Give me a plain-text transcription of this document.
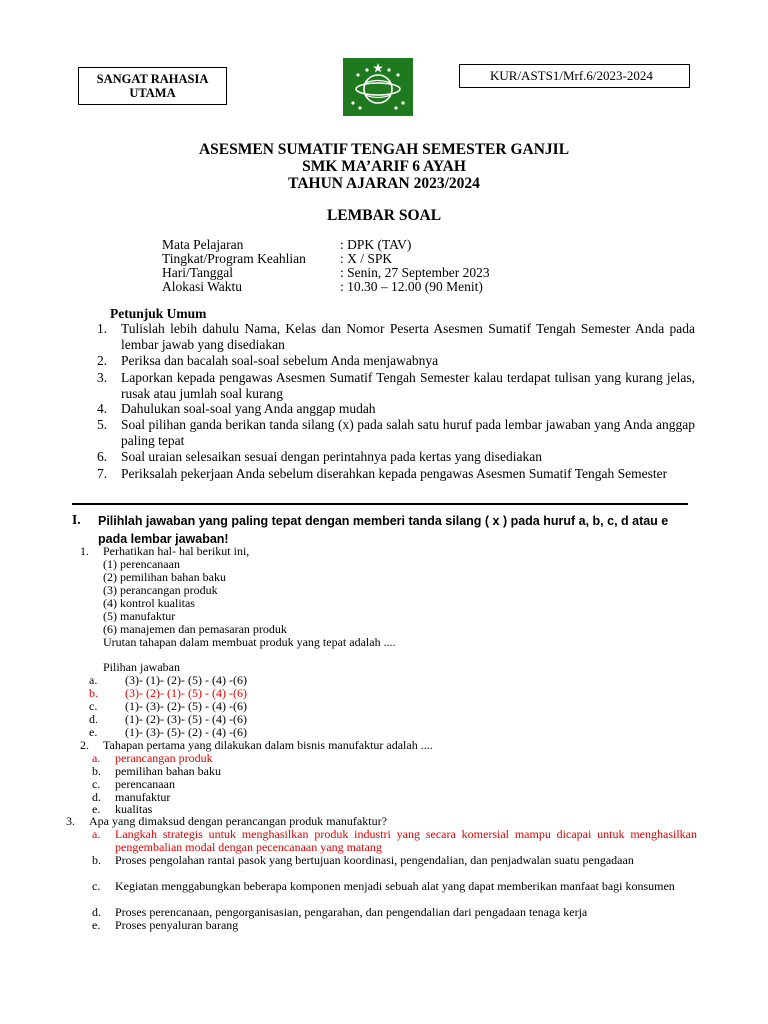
SANGAT RAHASIA UTAMA
KUR/ASTS1/Mrf.6/2023-2024
ASESMEN SUMATIF TENGAH SEMESTER GANJIL
SMK MA’ARIF 6 AYAH
TAHUN AJARAN 2023/2024
LEMBAR SOAL
Mata Pelajaran	: DPK (TAV)
Tingkat/Program Keahlian	: X / SPK
Hari/Tanggal	: Senin, 27 September 2023
Alokasi Waktu	: 10.30 – 12.00 (90 Menit)
Petunjuk Umum
1. Tulislah lebih dahulu Nama, Kelas dan Nomor Peserta Asesmen Sumatif Tengah Semester Anda pada lembar jawab yang disediakan
2. Periksa dan bacalah soal-soal sebelum Anda menjawabnya
3. Laporkan kepada pengawas Asesmen Sumatif Tengah Semester kalau terdapat tulisan yang kurang jelas, rusak atau jumlah soal kurang
4. Dahulukan soal-soal yang Anda anggap mudah
5. Soal pilihan ganda berikan tanda silang (x) pada salah satu huruf pada lembar jawaban yang Anda anggap paling tepat
6. Soal uraian selesaikan sesuai dengan perintahnya pada kertas yang disediakan
7. Periksalah pekerjaan Anda sebelum diserahkan kepada pengawas Asesmen Sumatif Tengah Semester
I. Pilihlah jawaban yang paling tepat dengan memberi tanda silang ( x ) pada huruf a, b, c, d atau e pada lembar jawaban!
1. Perhatikan hal- hal berikut ini,
(1) perencanaan
(2) pemilihan bahan baku
(3) perancangan produk
(4) kontrol kualitas
(5) manufaktur
(6) manajemen dan pemasaran produk
Urutan tahapan dalam membuat produk yang tepat adalah ....
Pilihan jawaban
a. (3)- (1)- (2)- (5) - (4) -(6)
b. (3)- (2)- (1)- (5) - (4) -(6)
c. (1)- (3)- (2)- (5) - (4) -(6)
d. (1)- (2)- (3)- (5) - (4) -(6)
e. (1)- (3)- (5)- (2) - (4) -(6)
2. Tahapan pertama yang dilakukan dalam bisnis manufaktur adalah ....
a. perancangan produk
b. pemilihan bahan baku
c. perencanaan
d. manufaktur
e. kualitas
3. Apa yang dimaksud dengan perancangan produk manufaktur?
a. Langkah strategis untuk menghasilkan produk industri yang secara komersial mampu dicapai untuk menghasilkan pengembalian modal dengan pecencanaan yang matang
b. Proses pengolahan rantai pasok yang bertujuan koordinasi, pengendalian, dan penjadwalan suatu pengadaan
c. Kegiatan menggabungkan beberapa komponen menjadi sebuah alat yang dapat memberikan manfaat bagi konsumen
d. Proses perencanaan, pengorganisasian, pengarahan, dan pengendalian dari pengadaan tenaga kerja
e. Proses penyaluran barang
